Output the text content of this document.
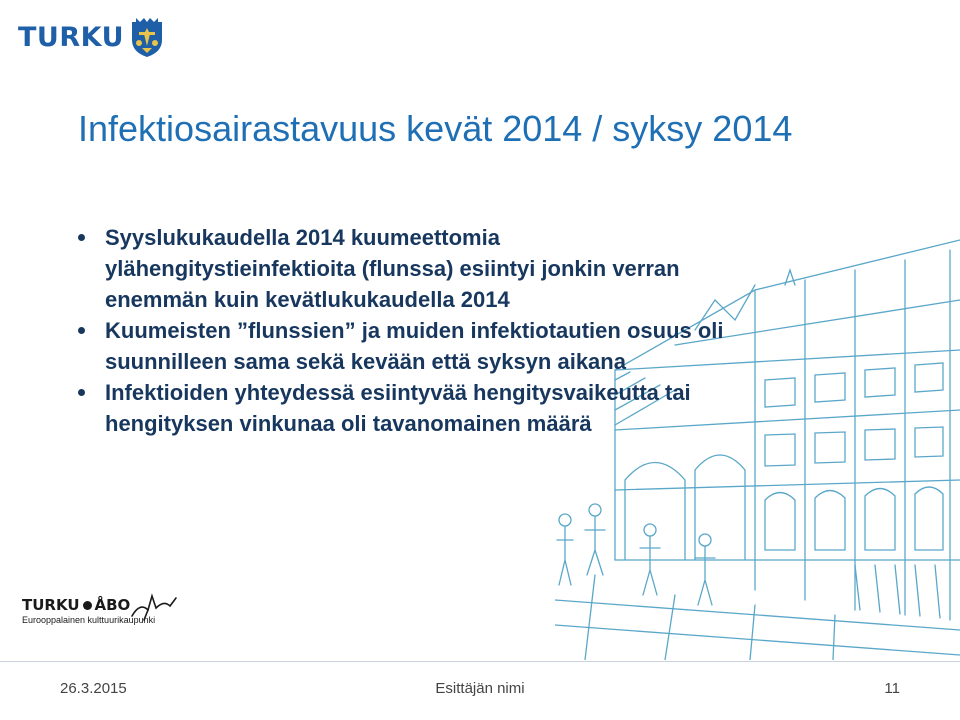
TURKU
Infektiosairastavuus kevät 2014 / syksy 2014
Syyslukukaudella 2014 kuumeettomia
ylähengitystieinfektioita (flunssa) esiintyi jonkin verran
enemmän kuin kevätlukukaudella 2014
Kuumeisten ”flunssien” ja muiden infektiotautien osuus oli
suunnilleen sama sekä kevään että syksyn aikana
Infektioiden yhteydessä esiintyvää hengitysvaikeutta tai
hengityksen vinkunaa oli tavanomainen määrä
TURKU ÅBO
Eurooppalainen kulttuurikaupunki
26.3.2015	Esittäjän nimi	11
